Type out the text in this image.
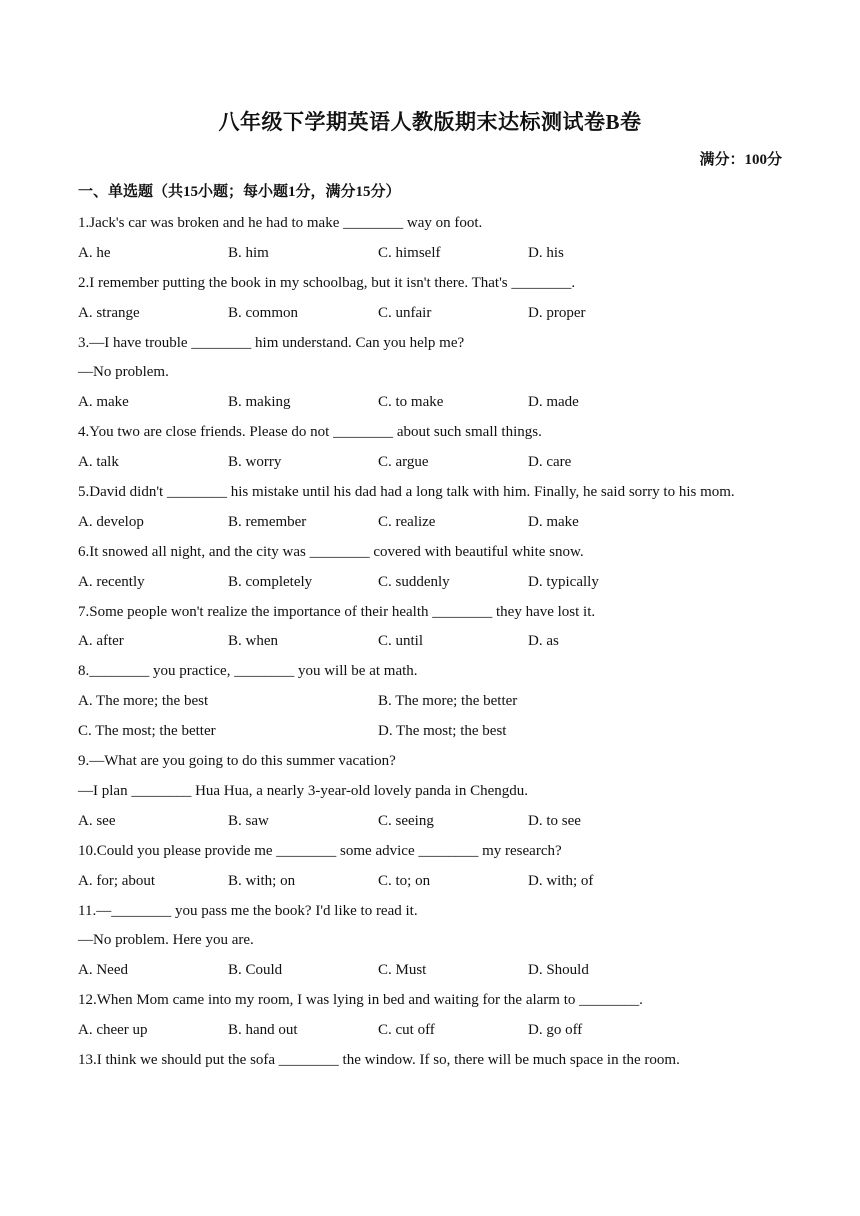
八年级下学期英语人教版期末达标测试卷B卷
满分：100分
一、单选题（共15小题；每小题1分，满分15分）
1.Jack's car was broken and he had to make ________ way on foot.
A. he	B. him	C. himself	D. his
2.I remember putting the book in my schoolbag, but it isn't there. That's ________.
A. strange	B. common	C. unfair	D. proper
3.—I have trouble ________ him understand. Can you help me?
—No problem.
A. make	B. making	C. to make	D. made
4.You two are close friends. Please do not ________ about such small things.
A. talk	B. worry	C. argue	D. care
5.David didn't ________ his mistake until his dad had a long talk with him. Finally, he said sorry to his mom.
A. develop	B. remember	C. realize	D. make
6.It snowed all night, and the city was ________ covered with beautiful white snow.
A. recently	B. completely	C. suddenly	D. typically
7.Some people won't realize the importance of their health ________ they have lost it.
A. after	B. when	C. until	D. as
8.________ you practice, ________ you will be at math.
A. The more; the best	B. The more; the better
C. The most; the better	D. The most; the best
9.—What are you going to do this summer vacation?
—I plan ________ Hua Hua, a nearly 3-year-old lovely panda in Chengdu.
A. see	B. saw	C. seeing	D. to see
10.Could you please provide me ________ some advice ________ my research?
A. for; about	B. with; on	C. to; on	D. with; of
11.—________ you pass me the book? I'd like to read it.
—No problem. Here you are.
A. Need	B. Could	C. Must	D. Should
12.When Mom came into my room, I was lying in bed and waiting for the alarm to ________.
A. cheer up	B. hand out	C. cut off	D. go off
13.I think we should put the sofa ________ the window. If so, there will be much space in the room.
